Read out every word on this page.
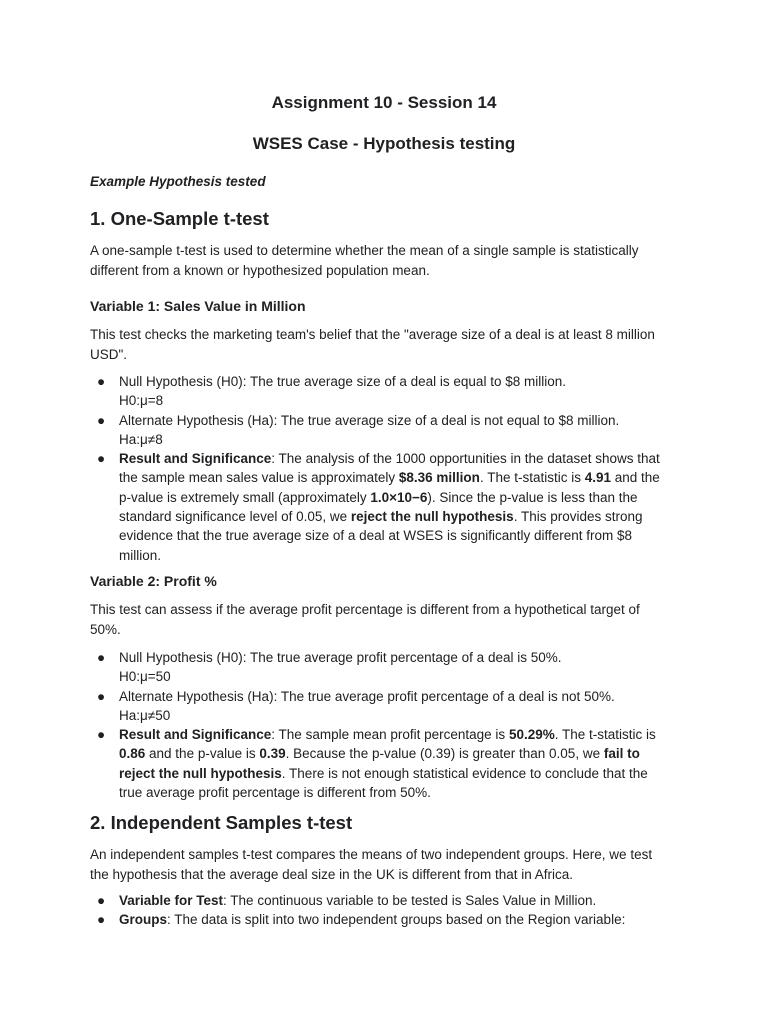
Assignment 10 - Session 14
WSES Case - Hypothesis testing

Example Hypothesis tested

1. One-Sample t-test

A one-sample t-test is used to determine whether the mean of a single sample is statistically different from a known or hypothesized population mean.

Variable 1: Sales Value in Million

This test checks the marketing team's belief that the "average size of a deal is at least 8 million USD".

● Null Hypothesis (H0): The true average size of a deal is equal to $8 million.
H0:μ=8
● Alternate Hypothesis (Ha): The true average size of a deal is not equal to $8 million.
Ha:μ≠8
● Result and Significance: The analysis of the 1000 opportunities in the dataset shows that the sample mean sales value is approximately $8.36 million. The t-statistic is 4.91 and the p-value is extremely small (approximately 1.0×10−6). Since the p-value is less than the standard significance level of 0.05, we reject the null hypothesis. This provides strong evidence that the true average size of a deal at WSES is significantly different from $8 million.
Variable 2: Profit %

This test can assess if the average profit percentage is different from a hypothetical target of 50%.

● Null Hypothesis (H0): The true average profit percentage of a deal is 50%.
H0:μ=50
● Alternate Hypothesis (Ha): The true average profit percentage of a deal is not 50%.
Ha:μ≠50
● Result and Significance: The sample mean profit percentage is 50.29%. The t-statistic is 0.86 and the p-value is 0.39. Because the p-value (0.39) is greater than 0.05, we fail to reject the null hypothesis. There is not enough statistical evidence to conclude that the true average profit percentage is different from 50%.
2. Independent Samples t-test

An independent samples t-test compares the means of two independent groups. Here, we test the hypothesis that the average deal size in the UK is different from that in Africa.

● Variable for Test: The continuous variable to be tested is Sales Value in Million.
● Groups: The data is split into two independent groups based on the Region variable:
